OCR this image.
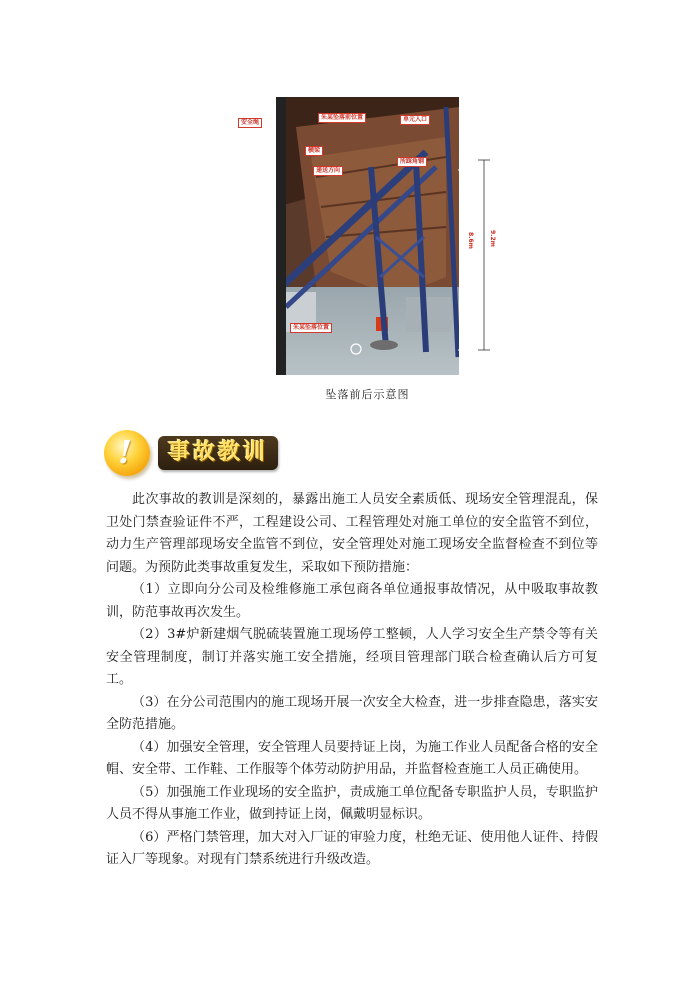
安全绳
朱某坠落前位置	单元入口
横梁
递送方向
所踩角钢
朱某坠落位置
8.6m	9.2m
坠落前后示意图
!	事故教训

此次事故的教训是深刻的，暴露出施工人员安全素质低、现场安全管理混乱，保卫处门禁查验证件不严，工程建设公司、工程管理处对施工单位的安全监管不到位，动力生产管理部现场安全监管不到位，安全管理处对施工现场安全监督检查不到位等问题。为预防此类事故重复发生，采取如下预防措施：

（1）立即向分公司及检维修施工承包商各单位通报事故情况，从中吸取事故教训，防范事故再次发生。

（2）3#炉新建烟气脱硫装置施工现场停工整顿，人人学习安全生产禁令等有关安全管理制度，制订并落实施工安全措施，经项目管理部门联合检查确认后方可复工。

（3）在分公司范围内的施工现场开展一次安全大检查，进一步排查隐患，落实安全防范措施。

（4）加强安全管理，安全管理人员要持证上岗，为施工作业人员配备合格的安全帽、安全带、工作鞋、工作服等个体劳动防护用品，并监督检查施工人员正确使用。

（5）加强施工作业现场的安全监护，责成施工单位配备专职监护人员，专职监护人员不得从事施工作业，做到持证上岗，佩戴明显标识。

（6）严格门禁管理，加大对入厂证的审验力度，杜绝无证、使用他人证件、持假证入厂等现象。对现有门禁系统进行升级改造。
